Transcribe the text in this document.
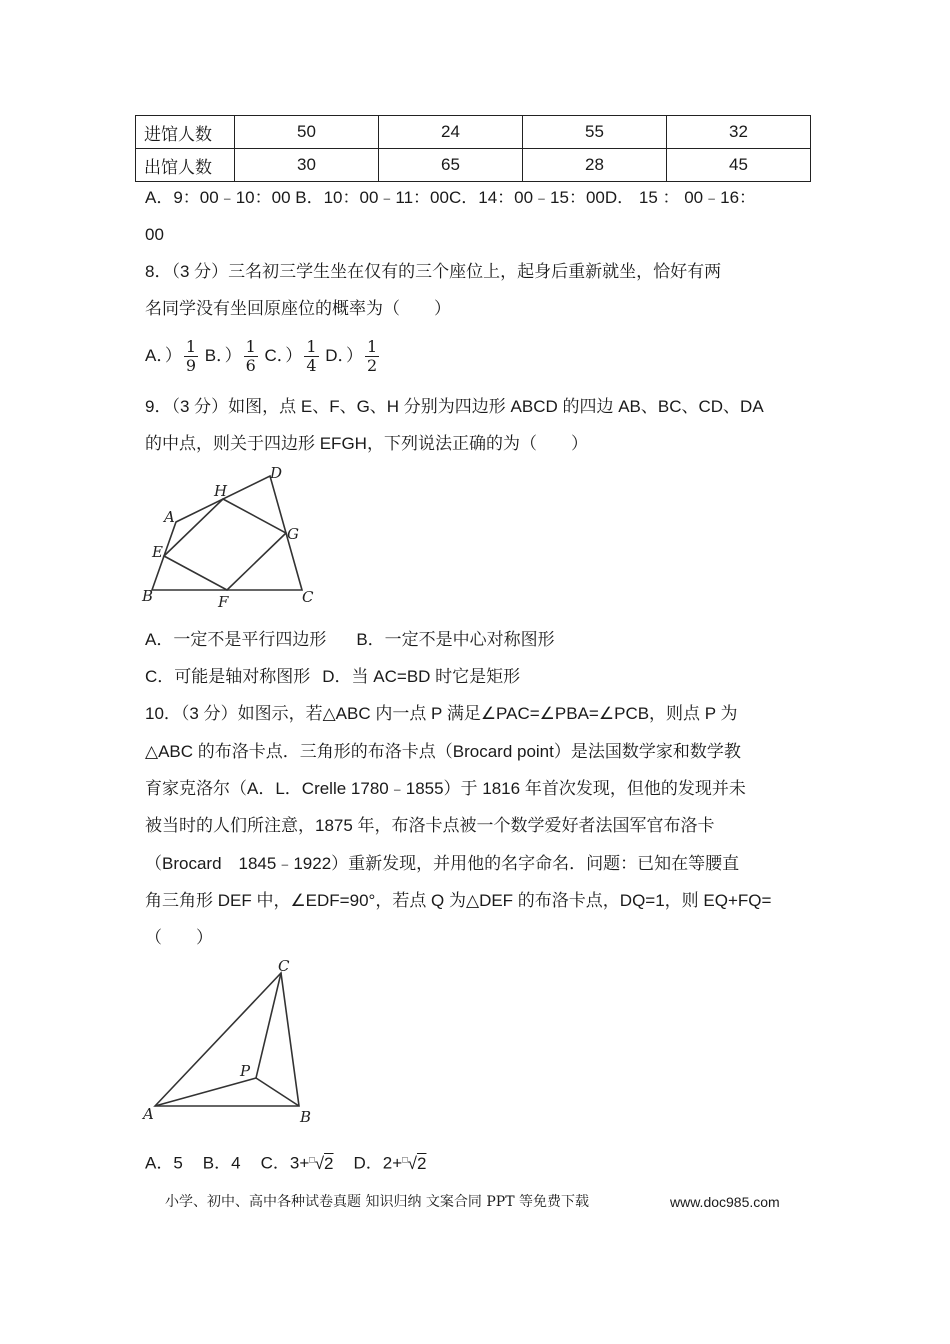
进馆人数	50	24	55	32
出馆人数	30	65	28	45
A．9：00﹣10：00 B．10：00﹣11：00C．14：00﹣15：00D． 15 ： 00﹣16：
00
8．（3 分）三名初三学生坐在仅有的三个座位上，起身后重新就坐，恰好有两
名同学没有坐回原座位的概率为（　　）
A．） $\frac{1}{9}$ B．） $\frac{1}{6}$ C．） $\frac{1}{4}$ D．） $\frac{1}{2}$
9．（3 分）如图，点 E、F、G、H 分别为四边形 ABCD 的四边 AB、BC、CD、DA
的中点，则关于四边形 EFGH，下列说法正确的为（　　）
A
B	C
D
E
F
G
H
A．一定不是平行四边形 B．一定不是中心对称图形
C．可能是轴对称图形 D．当 AC=BD 时它是矩形
10．（3 分）如图示，若△ABC 内一点 P 满足∠PAC=∠PBA=∠PCB，则点 P 为
△ABC 的布洛卡点．三角形的布洛卡点（Brocard point）是法国数学家和数学教
育家克洛尔（A．L．Crelle 1780﹣1855）于 1816 年首次发现，但他的发现并未
被当时的人们所注意，1875 年，布洛卡点被一个数学爱好者法国军官布洛卡
（Brocard　1845﹣1922）重新发现，并用他的名字命名．问题：已知在等腰直
角三角形 DEF 中，∠EDF=90°，若点 Q 为△DEF 的布洛卡点，DQ=1，则 EQ+FQ=
（　　）
A	B
C
P
A．5 B．4 C．3+□√2 D．2+□√2
小学、初中、高中各种试卷真题 知识归纳 文案合同 PPT 等免费下载	www.doc985.com
